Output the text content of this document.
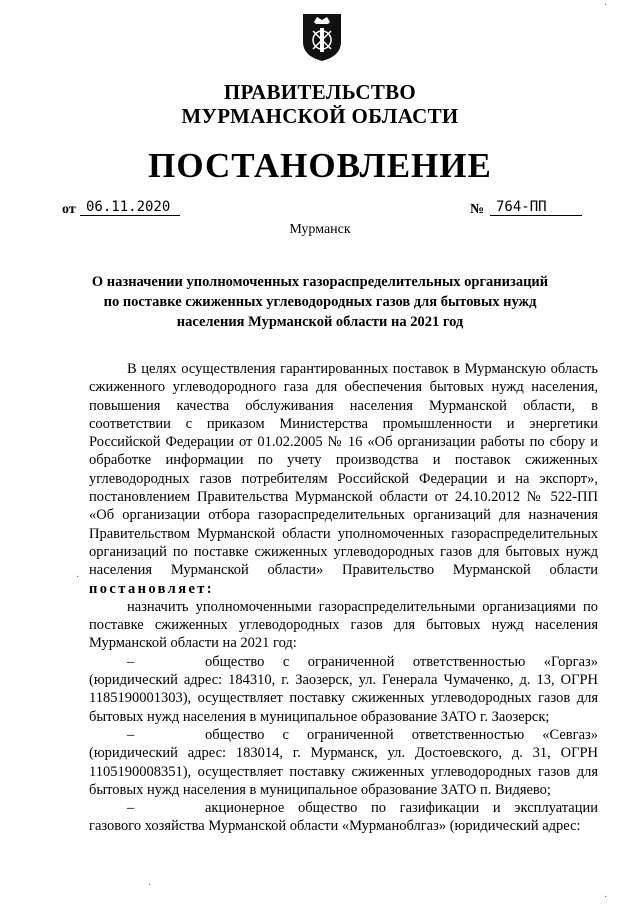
ПРАВИТЕЛЬСТВО
МУРМАНСКОЙ ОБЛАСТИ
ПОСТАНОВЛЕНИЕ
от 06.11.2020	№ 764-ПП
Мурманск
О назначении уполномоченных газораспределительных организаций
по поставке сжиженных углеводородных газов для бытовых нужд
населения Мурманской области на 2021 год

В целях осуществления гарантированных поставок в Мурманскую область сжиженного углеводородного газа для обеспечения бытовых нужд населения, повышения качества обслуживания населения Мурманской области, в соответствии с приказом Министерства промышленности и энергетики Российской Федерации от 01.02.2005 № 16 «Об организации работы по сбору и обработке информации по учету производства и поставок сжиженных углеводородных газов потребителям Российской Федерации и на экспорт», постановлением Правительства Мурманской области от 24.10.2012 № 522-ПП «Об организации отбора газораспределительных организаций для назначения Правительством Мурманской области уполномоченных газораспределительных организаций по поставке сжиженных углеводородных газов для бытовых нужд населения Мурманской области» Правительство Мурманской области постановляет:

назначить уполномоченными газораспределительными организациями по поставке сжиженных углеводородных газов для бытовых нужд населения Мурманской области на 2021 год:

–	общество с ограниченной ответственностью «Горгаз» (юридический адрес: 184310, г. Заозерск, ул. Генерала Чумаченко, д. 13, ОГРН 1185190001303), осуществляет поставку сжиженных углеводородных газов для бытовых нужд населения в муниципальное образование ЗАТО г. Заозерск;

–	общество с ограниченной ответственностью «Севгаз» (юридический адрес: 183014, г. Мурманск, ул. Достоевского, д. 31, ОГРН 1105190008351), осуществляет поставку сжиженных углеводородных газов для бытовых нужд населения в муниципальное образование ЗАТО п. Видяево;

–	акционерное общество по газификации и эксплуатации газового хозяйства Мурманской области «Мурманоблгаз» (юридический адрес:

·
·
·
·
